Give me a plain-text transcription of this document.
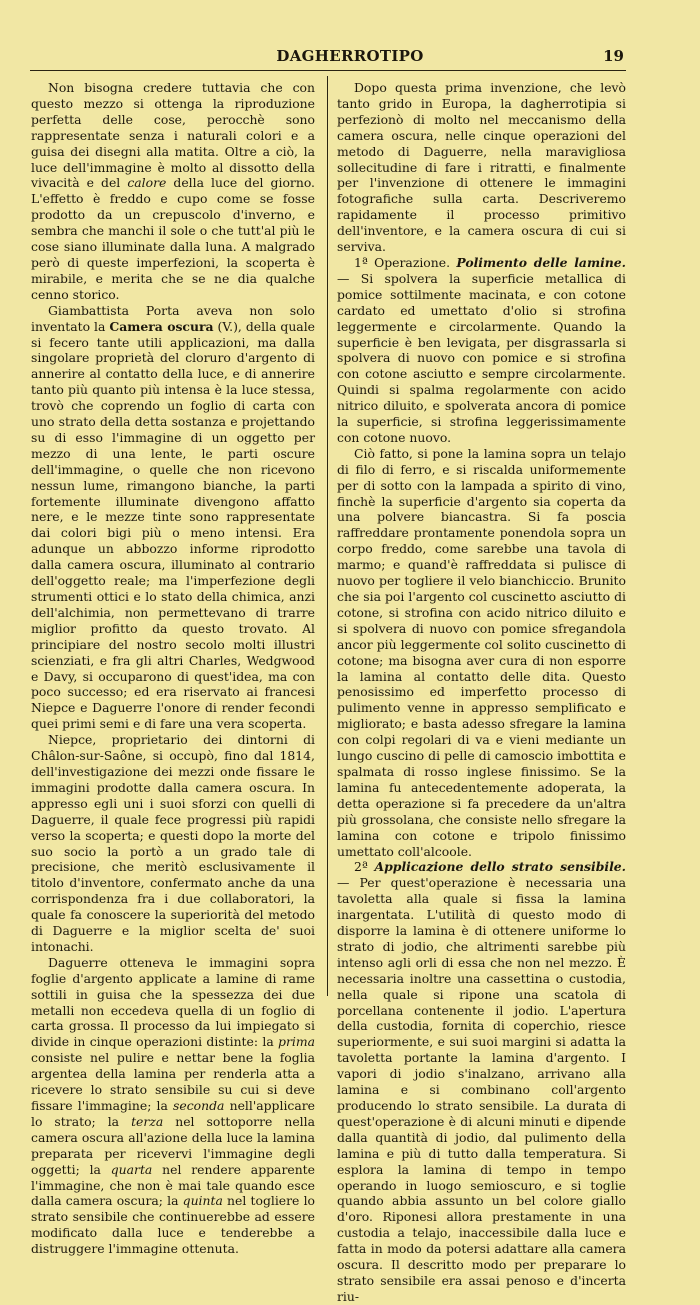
DAGHERROTIPO	19

Non bisogna credere tuttavia che con questo mezzo si ottenga la riproduzione perfetta delle cose, perocchè sono rappresentate senza i naturali colori e a guisa dei disegni alla matita. Oltre a ciò, la luce dell'immagine è molto al dissotto della vivacità e del calore della luce del giorno. L'effetto è freddo e cupo come se fosse prodotto da un crepuscolo d'inverno, e sembra che manchi il sole o che tutt'al più le cose siano illuminate dalla luna. A malgrado però di queste imperfezioni, la scoperta è mirabile, e merita che se ne dia qualche cenno storico.

Giambattista Porta aveva non solo inventato la Camera oscura (V.), della quale si fecero tante utili applicazioni, ma dalla singolare proprietà del cloruro d'argento di annerire al contatto della luce, e di annerire tanto più quanto più intensa è la luce stessa, trovò che coprendo un foglio di carta con uno strato della detta sostanza e projettando su di esso l'immagine di un oggetto per mezzo di una lente, le parti oscure dell'immagine, o quelle che non ricevono nessun lume, rimangono bianche, la parti fortemente illuminate divengono affatto nere, e le mezze tinte sono rappresentate dai colori bigi più o meno intensi. Era adunque un abbozzo informe riprodotto dalla camera oscura, illuminato al contrario dell'oggetto reale; ma l'imperfezione degli strumenti ottici e lo stato della chimica, anzi dell'alchimia, non permettevano di trarre miglior profitto da questo trovato. Al principiare del nostro secolo molti illustri scienziati, e fra gli altri Charles, Wedgwood e Davy, si occuparono di quest'idea, ma con poco successo; ed era riservato ai francesi Niepce e Daguerre l'onore di render fecondi quei primi semi e di fare una vera scoperta.

Niepce, proprietario dei dintorni di Châlon-sur-Saône, si occupò, fino dal 1814, dell'investigazione dei mezzi onde fissare le immagini prodotte dalla camera oscura. In appresso egli uni i suoi sforzi con quelli di Daguerre, il quale fece progressi più rapidi verso la scoperta; e questi dopo la morte del suo socio la portò a un grado tale di precisione, che meritò esclusivamente il titolo d'inventore, confermato anche da una corrispondenza fra i due collaboratori, la quale fa conoscere la superiorità del metodo di Daguerre e la miglior scelta de' suoi intonachi.

Daguerre otteneva le immagini sopra foglie d'argento applicate a lamine di rame sottili in guisa che la spessezza dei due metalli non eccedeva quella di un foglio di carta grossa. Il processo da lui impiegato si divide in cinque operazioni distinte: la prima consiste nel pulire e nettar bene la foglia argentea della lamina per renderla atta a ricevere lo strato sensibile su cui si deve fissare l'immagine; la seconda nell'applicare lo strato; la terza nel sottoporre nella camera oscura all'azione della luce la lamina preparata per ricevervi l'immagine degli oggetti; la quarta nel rendere apparente l'immagine, che non è mai tale quando esce dalla camera oscura; la quinta nel togliere lo strato sensibile che continuerebbe ad essere modificato dalla luce e tenderebbe a distruggere l'immagine ottenuta.

Dopo questa prima invenzione, che levò tanto grido in Europa, la dagherrotipia si perfezionò di molto nel meccanismo della camera oscura, nelle cinque operazioni del metodo di Daguerre, nella maravigliosa sollecitudine di fare i ritratti, e finalmente per l'invenzione di ottenere le immagini fotografiche sulla carta. Descriveremo rapidamente il processo primitivo dell'inventore, e la camera oscura di cui si serviva.

1ª Operazione. Polimento delle lamine. — Si spolvera la superficie metallica di pomice sottilmente macinata, e con cotone cardato ed umettato d'olio si strofina leggermente e circolarmente. Quando la superficie è ben levigata, per disgrassarla si spolvera di nuovo con pomice e si strofina con cotone asciutto e sempre circolarmente. Quindi si spalma regolarmente con acido nitrico diluito, e spolverata ancora di pomice la superficie, si strofina leggerissimamente con cotone nuovo.

Ciò fatto, si pone la lamina sopra un telajo di filo di ferro, e si riscalda uniformemente per di sotto con la lampada a spirito di vino, finchè la superficie d'argento sia coperta da una polvere biancastra. Si fa poscia raffreddare prontamente ponendola sopra un corpo freddo, come sarebbe una tavola di marmo; e quand'è raffreddata si pulisce di nuovo per togliere il velo bianchiccio. Brunito che sia poi l'argento col cuscinetto asciutto di cotone, si strofina con acido nitrico diluito e si spolvera di nuovo con pomice sfregandola ancor più leggermente col solito cuscinetto di cotone; ma bisogna aver cura di non esporre la lamina al contatto delle dita. Questo penosissimo ed imperfetto processo di pulimento venne in appresso semplificato e migliorato; e basta adesso sfregare la lamina con colpi regolari di va e vieni mediante un lungo cuscino di pelle di camoscio imbottita e spalmata di rosso inglese finissimo. Se la lamina fu antecedentemente adoperata, la detta operazione si fa precedere da un'altra più grossolana, che consiste nello sfregare la lamina con cotone e tripolo finissimo umettato coll'alcoole.

2ª Applicazione dello strato sensibile. — Per quest'operazione è necessaria una tavoletta alla quale si fissa la lamina inargentata. L'utilità di questo modo di disporre la lamina è di ottenere uniforme lo strato di jodio, che altrimenti sarebbe più intenso agli orli di essa che non nel mezzo. È necessaria inoltre una cassettina o custodia, nella quale si ripone una scatola di porcellana contenente il jodio. L'apertura della custodia, fornita di coperchio, riesce superiormente, e sui suoi margini si adatta la tavoletta portante la lamina d'argento. I vapori di jodio s'inalzano, arrivano alla lamina e si combinano coll'argento producendo lo strato sensibile. La durata di quest'operazione è di alcuni minuti e dipende dalla quantità di jodio, dal pulimento della lamina e più di tutto dalla temperatura. Si esplora la lamina di tempo in tempo operando in luogo semioscuro, e si toglie quando abbia assunto un bel colore giallo d'oro. Riponesi allora prestamente in una custodia a telajo, inaccessibile dalla luce e fatta in modo da potersi adattare alla camera oscura. Il descritto modo per preparare lo strato sensibile era assai penoso e d'incerta riu-
